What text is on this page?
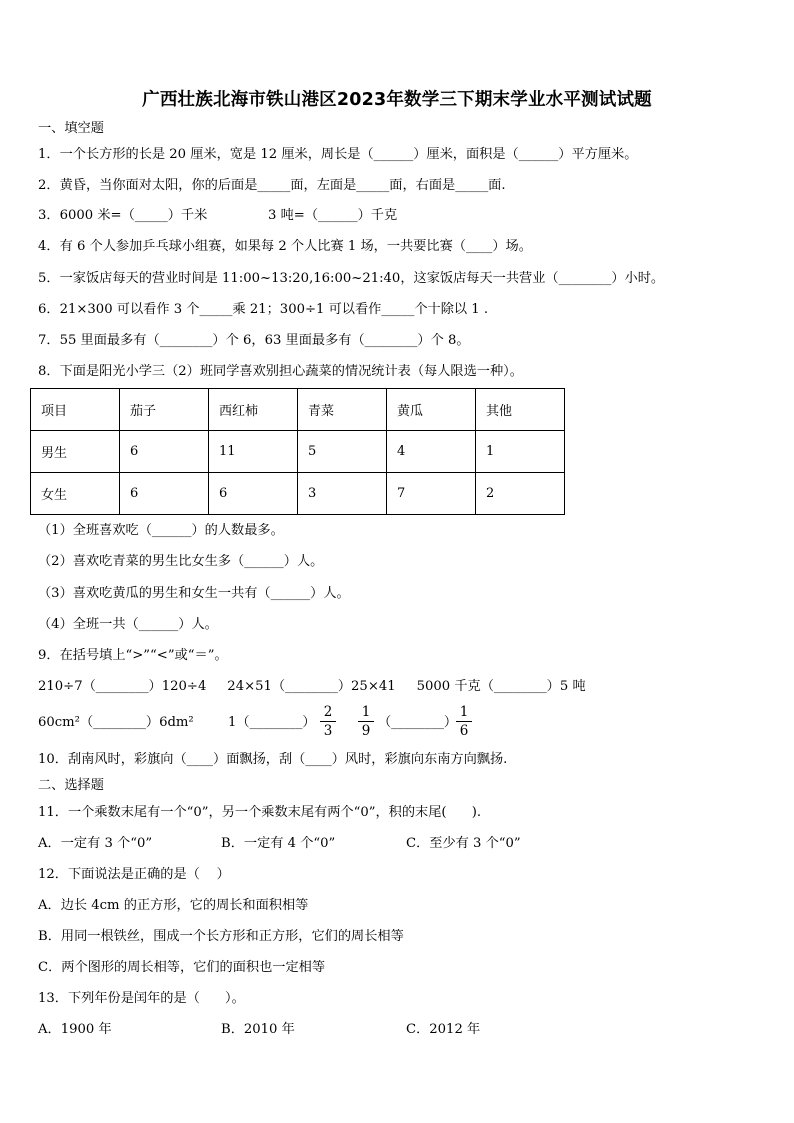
广西壮族北海市铁山港区2023年数学三下期末学业水平测试试题
一、填空题
1．一个长方形的长是 20 厘米，宽是 12 厘米，周长是（______）厘米，面积是（______）平方厘米。
2．黄昏，当你面对太阳，你的后面是_____面，左面是_____面，右面是_____面.
3．6000 米=（_____）千米	3 吨=（______）千克
4．有 6 个人参加乒乓球小组赛，如果每 2 个人比赛 1 场，一共要比赛（____）场。
5．一家饭店每天的营业时间是 11:00~13:20,16:00~21:40，这家饭店每天一共营业（________）小时。
6．21×300 可以看作 3 个_____乘 21；300÷1 可以看作_____个十除以 1 .
7．55 里面最多有（________）个 6，63 里面最多有（________）个 8。
8．下面是阳光小学三（2）班同学喜欢别担心蔬菜的情况统计表（每人限选一种）。
项目	茄子	西红柿	青菜	黄瓜	其他
男生	6	11	5	4	1
女生	6	6	3	7	2
（1）全班喜欢吃（______）的人数最多。
（2）喜欢吃青菜的男生比女生多（______）人。
（3）喜欢吃黄瓜的男生和女生一共有（______）人。
（4）全班一共（______）人。
9．在括号填上“>”“<”或“＝”。
210÷7（________）120÷4     24×51（________）25×41     5000 千克（________）5 吨
60cm²（________）6dm²	1（________） $\frac{2}{3} \frac{1}{9}$ （________）
$\frac{1}{6}$
10．刮南风时，彩旗向（____）面飘扬，刮（____）风时，彩旗向东南方向飘扬.
二、选择题
11．一个乘数末尾有一个“0”，另一个乘数末尾有两个“0”，积的末尾(      ).
A．一定有 3 个“0”	B．一定有 4 个“0”	C．至少有 3 个“0”
12．下面说法是正确的是（    ）
A．边长 4cm 的正方形，它的周长和面积相等
B．用同一根铁丝，围成一个长方形和正方形，它们的周长相等
C．两个图形的周长相等，它们的面积也一定相等
13．下列年份是闰年的是（      ）。
A．1900 年	B．2010 年	C．2012 年
